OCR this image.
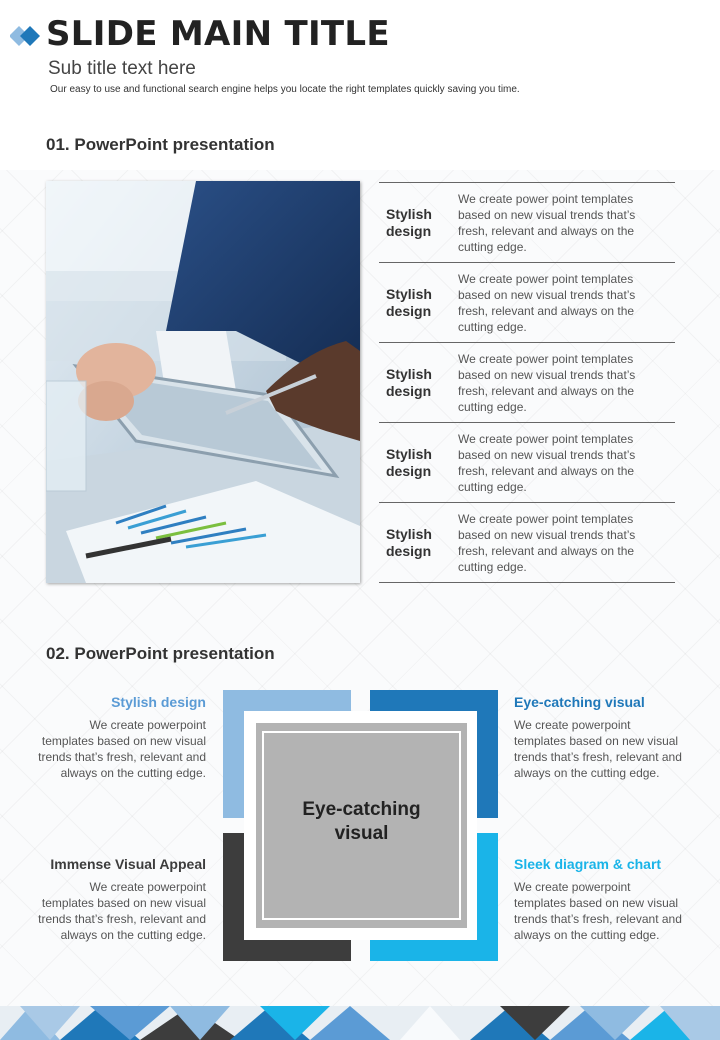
SLIDE MAIN TITLE
Sub title text here
Our easy to use and functional search engine helps you locate the right templates quickly saving you time.
01. PowerPoint presentation
Stylish
design
We create power point templates based on new visual trends that’s fresh, relevant and always on the cutting edge.
Stylish
design
We create power point templates based on new visual trends that’s fresh, relevant and always on the cutting edge.
Stylish
design
We create power point templates based on new visual trends that’s fresh, relevant and always on the cutting edge.
Stylish
design
We create power point templates based on new visual trends that’s fresh, relevant and always on the cutting edge.
Stylish
design
We create power point templates based on new visual trends that’s fresh, relevant and always on the cutting edge.
02. PowerPoint presentation
Eye-catching
visual
Stylish design
We create powerpoint templates based on new visual trends that’s fresh, relevant and always on the cutting edge.
Eye-catching visual
We create powerpoint templates based on new visual trends that’s fresh, relevant and always on the cutting edge.
Immense Visual Appeal
We create powerpoint templates based on new visual trends that’s fresh, relevant and always on the cutting edge.
Sleek diagram & chart
We create powerpoint templates based on new visual trends that’s fresh, relevant and always on the cutting edge.
